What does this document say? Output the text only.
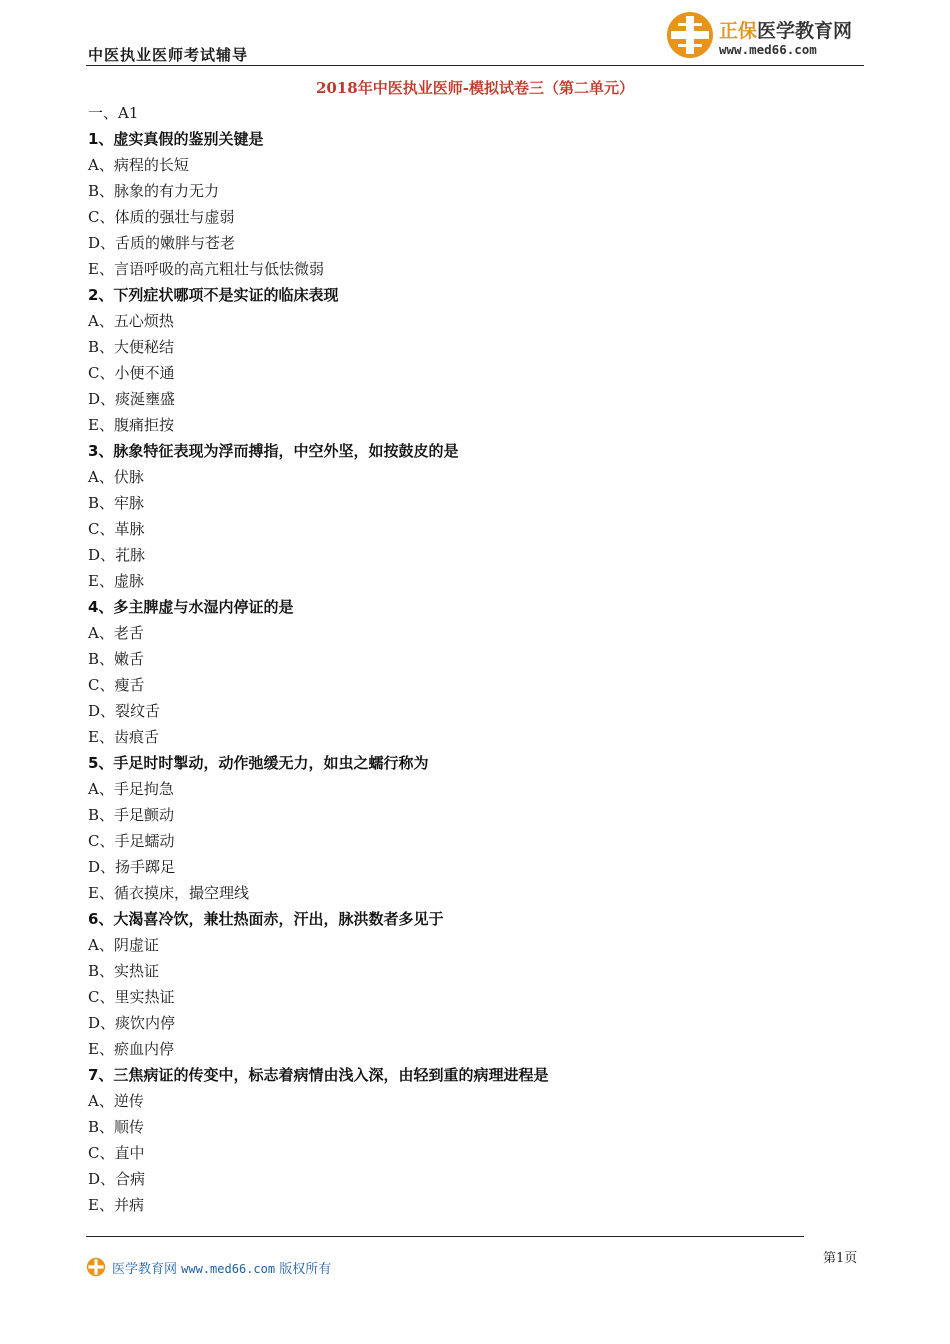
中医执业医师考试辅导
正保医学教育网
www.med66.com
2018年中医执业医师-模拟试卷三（第二单元）
一、A1
1、虚实真假的鉴别关键是
A、病程的长短
B、脉象的有力无力
C、体质的强壮与虚弱
D、舌质的嫩胖与苍老
E、言语呼吸的高亢粗壮与低怯微弱
2、下列症状哪项不是实证的临床表现
A、五心烦热
B、大便秘结
C、小便不通
D、痰涎壅盛
E、腹痛拒按
3、脉象特征表现为浮而搏指，中空外坚，如按鼓皮的是
A、伏脉
B、牢脉
C、革脉
D、芤脉
E、虚脉
4、多主脾虚与水湿内停证的是
A、老舌
B、嫩舌
C、瘦舌
D、裂纹舌
E、齿痕舌
5、手足时时掣动，动作弛缓无力，如虫之蠕行称为
A、手足拘急
B、手足颤动
C、手足蠕动
D、扬手踯足
E、循衣摸床，撮空理线
6、大渴喜冷饮，兼壮热面赤，汗出，脉洪数者多见于
A、阴虚证
B、实热证
C、里实热证
D、痰饮内停
E、瘀血内停
7、三焦病证的传变中，标志着病情由浅入深，由轻到重的病理进程是
A、逆传
B、顺传
C、直中
D、合病
E、并病
第1页
医学教育网 www.med66.com 版权所有
